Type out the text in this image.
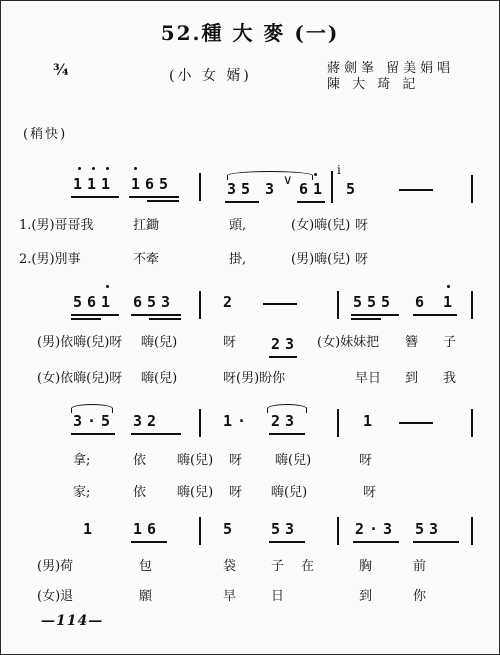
52.種 大 麥 (一)
¾	(小 女 婿)	蔣劍峯 留美娟唱
陳 大 琦 記
(稍快)
111 165	35 3 ∨ 61
i
5
1.(男)哥哥我	扛鋤	頭,	(女)嗨(兒) 呀
2.(男)別事	不牽	掛,	(男)嗨(兒) 呀
561 653	2
23
555 6 1
(男)依嗨(兒)呀 嗨(兒)	呀	(女)妹妹把 簪 子
(女)依嗨(兒)呀 嗨(兒)	呀(男)盼你	早日 到 我
3·5 32	1· 23	1
拿;	依 嗨(兒) 呀	嗨(兒)	呀
家;	依 嗨(兒) 呀 嗨(兒)	呀
1 16	5 53	2·3 53
(男)荷	包	袋	子 在	胸	前
(女)退	願	早	日	到	你
—114—
